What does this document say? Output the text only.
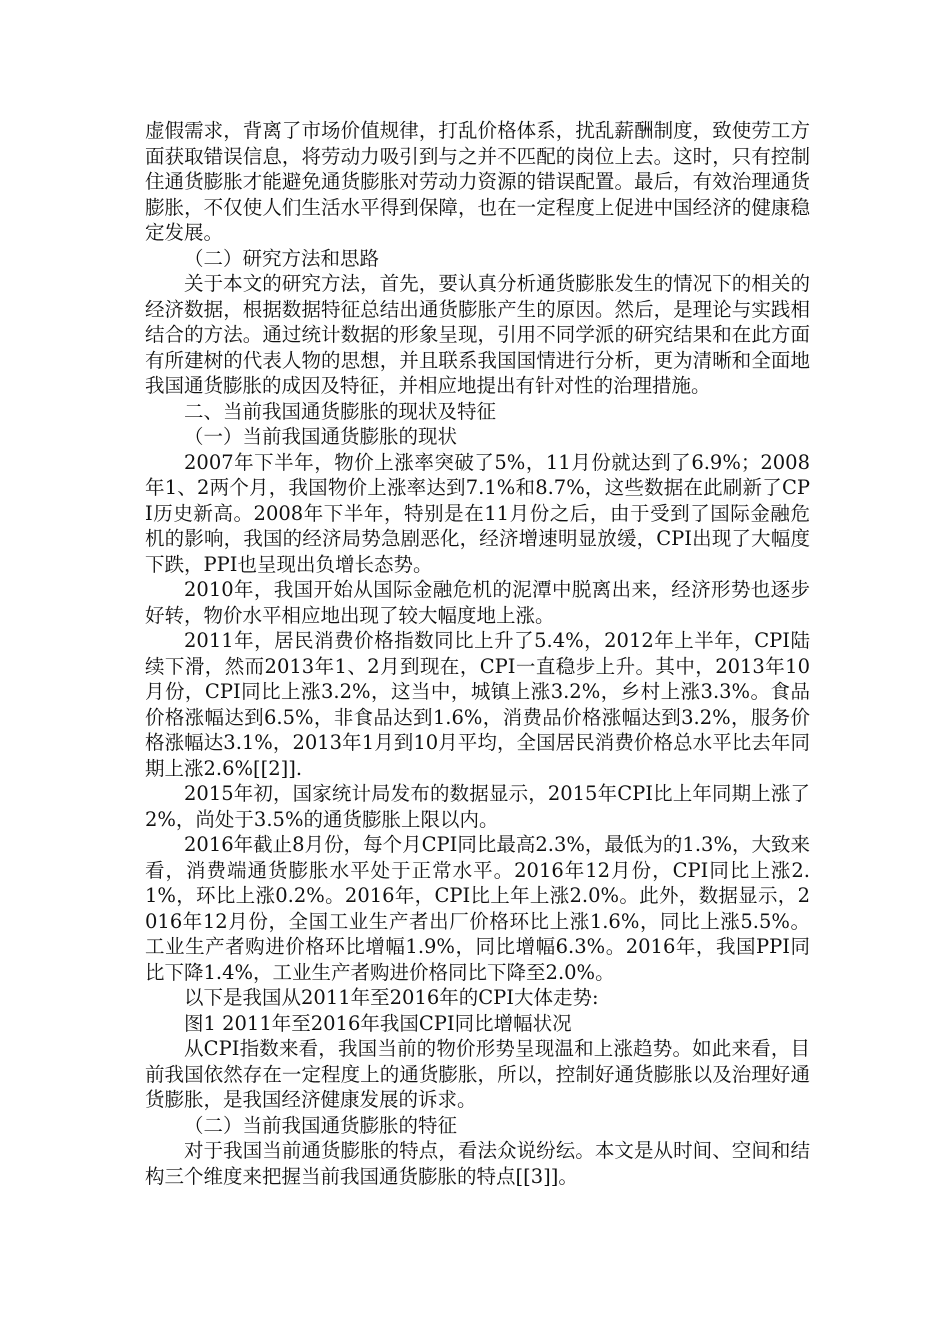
虚假需求，背离了市场价值规律，打乱价格体系，扰乱薪酬制度，致使劳工方面获取错误信息，将劳动力吸引到与之并不匹配的岗位上去。这时，只有控制住通货膨胀才能避免通货膨胀对劳动力资源的错误配置。最后，有效治理通货膨胀，不仅使人们生活水平得到保障，也在一定程度上促进中国经济的健康稳定发展。

（二）研究方法和思路

关于本文的研究方法，首先，要认真分析通货膨胀发生的情况下的相关的经济数据，根据数据特征总结出通货膨胀产生的原因。然后，是理论与实践相结合的方法。通过统计数据的形象呈现，引用不同学派的研究结果和在此方面有所建树的代表人物的思想，并且联系我国国情进行分析，更为清晰和全面地我国通货膨胀的成因及特征，并相应地提出有针对性的治理措施。

二、当前我国通货膨胀的现状及特征

（一）当前我国通货膨胀的现状

2007年下半年，物价上涨率突破了5%，11月份就达到了6.9%；2008年1、2两个月，我国物价上涨率达到7.1%和8.7%，这些数据在此刷新了CPI历史新高。2008年下半年，特别是在11月份之后，由于受到了国际金融危机的影响，我国的经济局势急剧恶化，经济增速明显放缓，CPI出现了大幅度下跌，PPI也呈现出负增长态势。

2010年，我国开始从国际金融危机的泥潭中脱离出来，经济形势也逐步好转，物价水平相应地出现了较大幅度地上涨。

2011年，居民消费价格指数同比上升了5.4%，2012年上半年，CPI陆续下滑，然而2013年1、2月到现在，CPI一直稳步上升。其中，2013年10月份，CPI同比上涨3.2%，这当中，城镇上涨3.2%，乡村上涨3.3%。食品价格涨幅达到6.5%，非食品达到1.6%，消费品价格涨幅达到3.2%，服务价格涨幅达3.1%，2013年1月到10月平均，全国居民消费价格总水平比去年同期上涨2.6%[[2]].

2015年初，国家统计局发布的数据显示，2015年CPI比上年同期上涨了2%，尚处于3.5%的通货膨胀上限以内。

2016年截止8月份，每个月CPI同比最高2.3%，最低为的1.3%，大致来看，消费端通货膨胀水平处于正常水平。2016年12月份，CPI同比上涨2.1%，环比上涨0.2%。2016年，CPI比上年上涨2.0%。此外，数据显示，2016年12月份，全国工业生产者出厂价格环比上涨1.6%，同比上涨5.5%。工业生产者购进价格环比增幅1.9%，同比增幅6.3%。2016年，我国PPI同比下降1.4%，工业生产者购进价格同比下降至2.0%。

以下是我国从2011年至2016年的CPI大体走势:

图1 2011年至2016年我国CPI同比增幅状况

从CPI指数来看，我国当前的物价形势呈现温和上涨趋势。如此来看，目前我国依然存在一定程度上的通货膨胀，所以，控制好通货膨胀以及治理好通货膨胀，是我国经济健康发展的诉求。

（二）当前我国通货膨胀的特征

对于我国当前通货膨胀的特点，看法众说纷纭。本文是从时间、空间和结构三个维度来把握当前我国通货膨胀的特点[[3]]。
